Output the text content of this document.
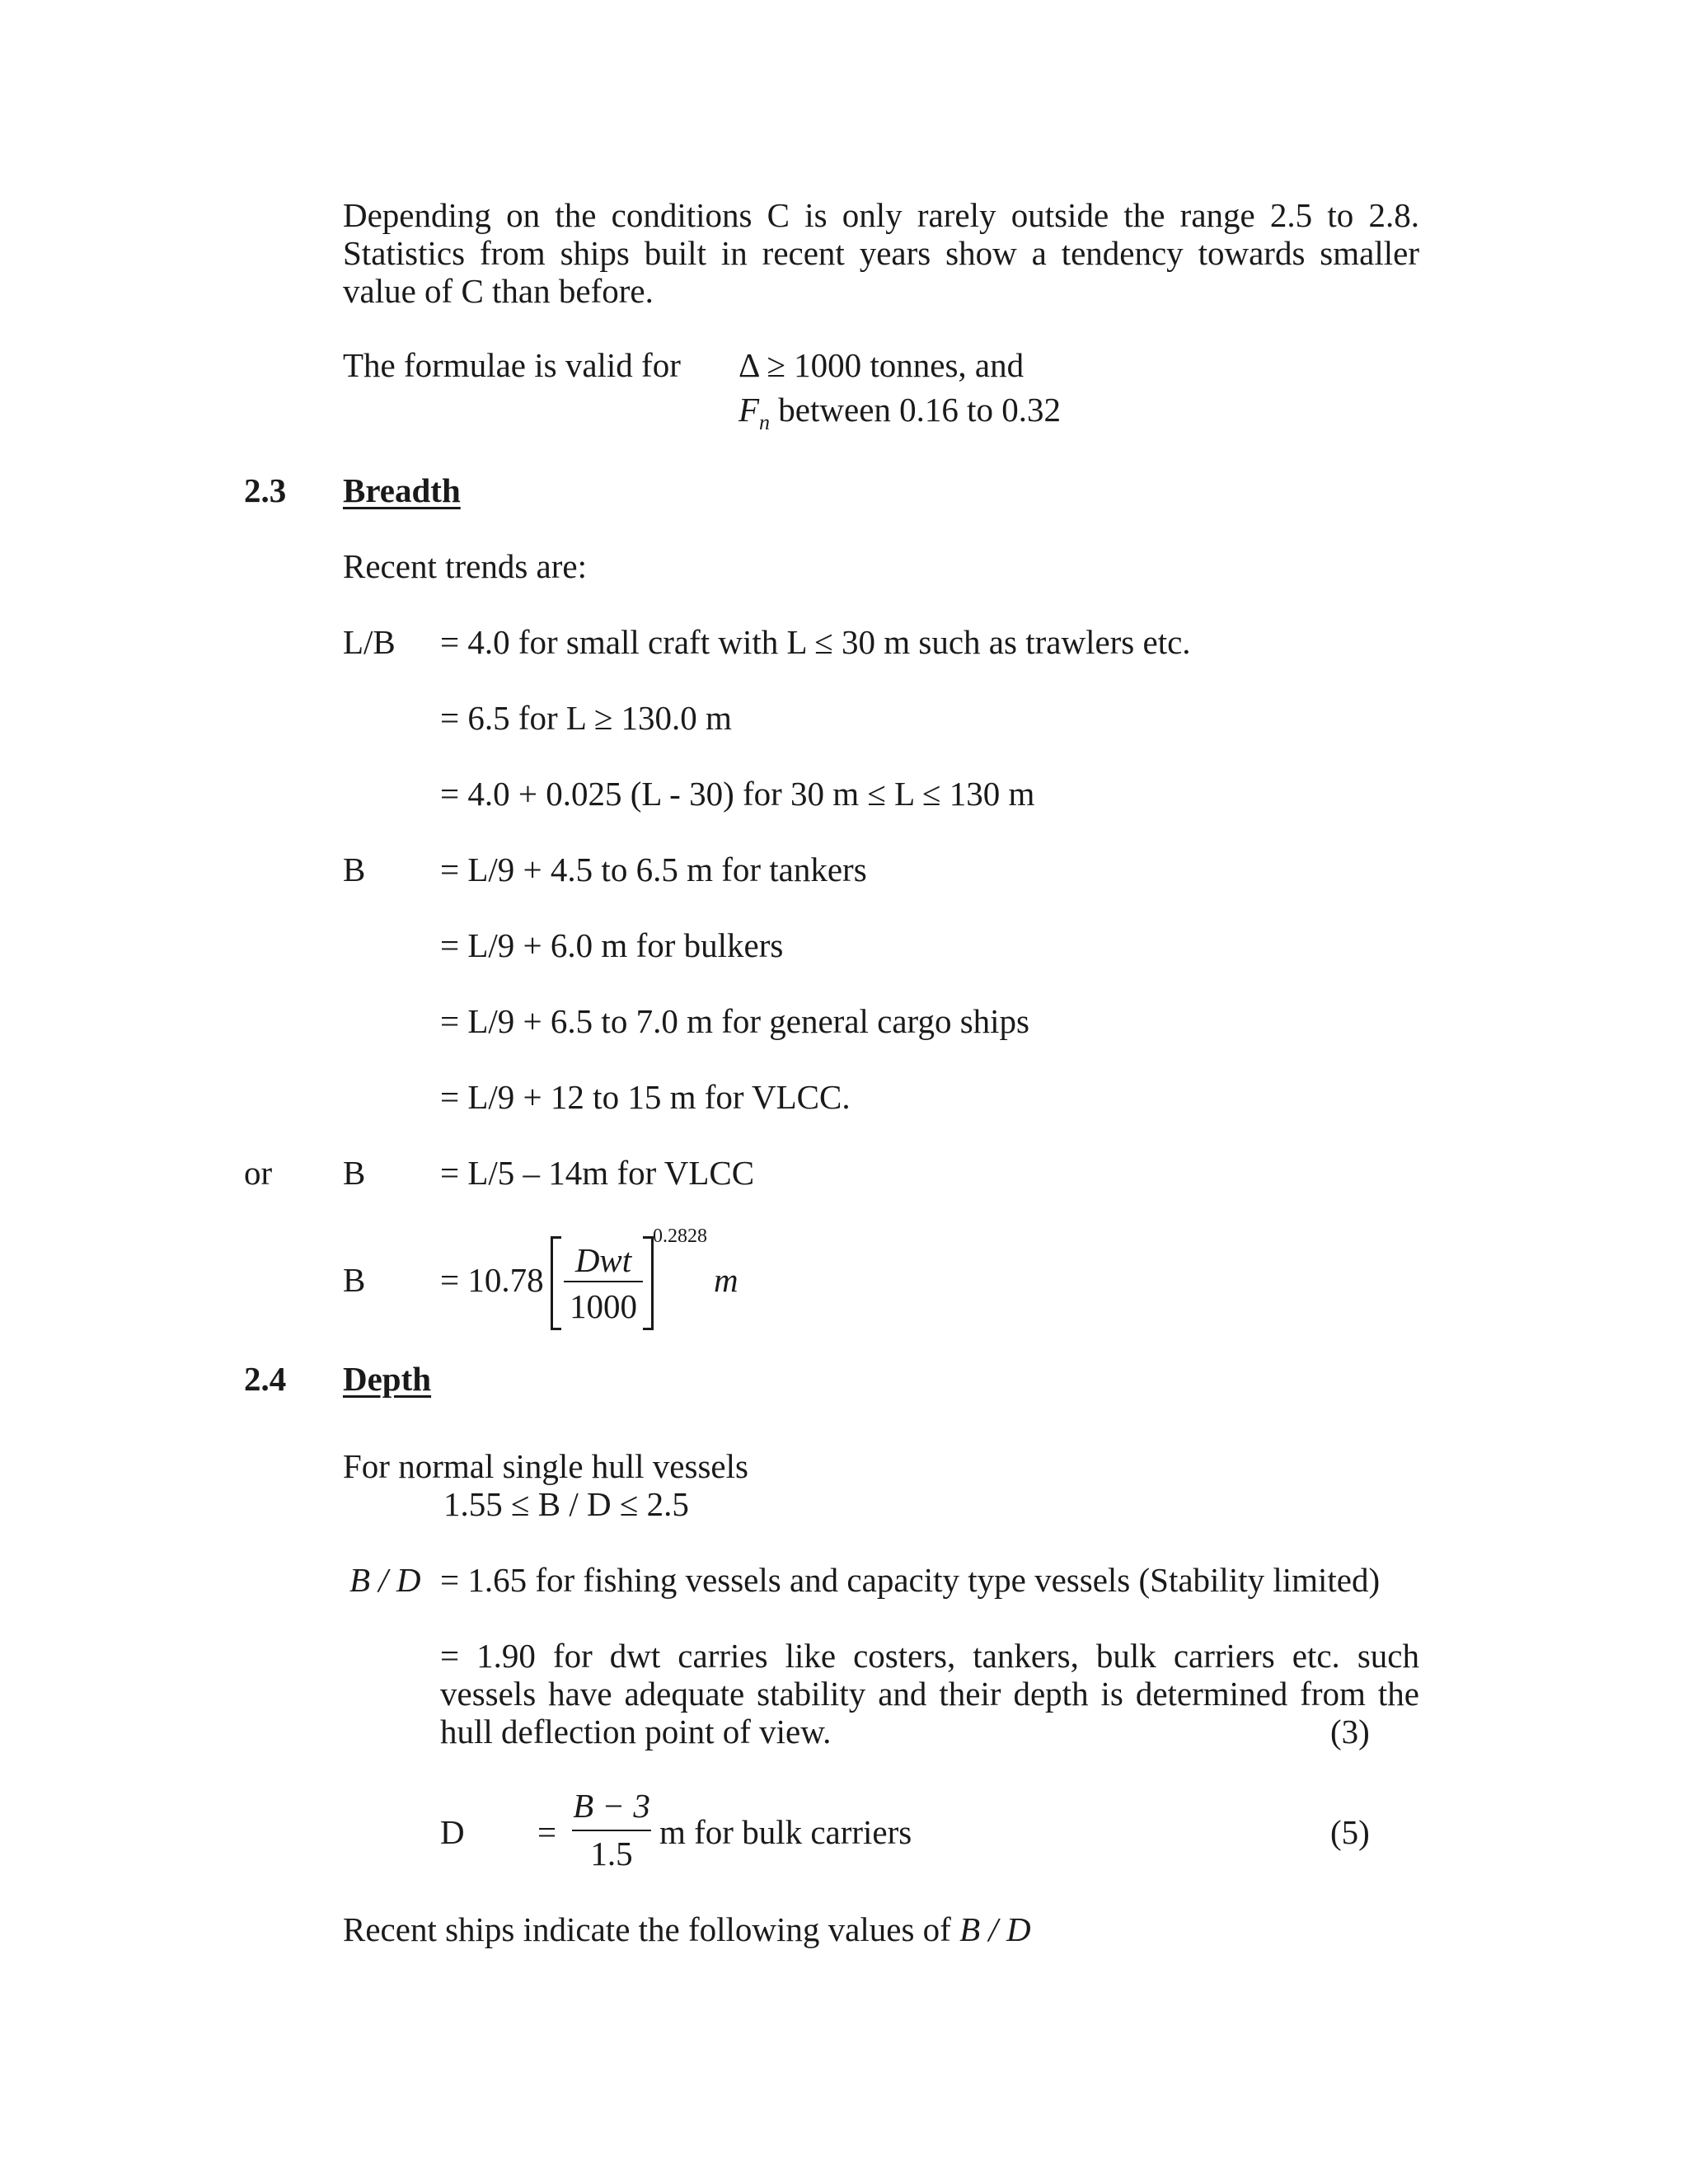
Depending on the conditions C is only rarely outside the range 2.5 to 2.8. Statistics from ships built in recent years show a tendency towards smaller value of C than before.
The formulae is valid for Δ ≥ 1000 tonnes, and
$F_n$ between 0.16 to 0.32
2.3 Breadth
Recent trends are:
L/B = 4.0 for small craft with L ≤ 30 m such as trawlers etc.
= 6.5 for L ≥ 130.0 m
= 4.0 + 0.025 (L - 30) for 30 m ≤ L ≤ 130 m
B = L/9 + 4.5 to 6.5 m for tankers
= L/9 + 6.0 m for bulkers
= L/9 + 6.5 to 7.0 m for general cargo ships
= L/9 + 12 to 15 m for VLCC.
or B = L/5 – 14m for VLCC
B = 10.78
Dwt
1000
0.2828
m
2.4 Depth
For normal single hull vessels
1.55 ≤ B / D ≤ 2.5
B / D = 1.65 for fishing vessels and capacity type vessels (Stability limited)
= 1.90 for dwt carries like costers, tankers, bulk carriers etc. such vessels have adequate stability and their depth is determined from the hull deflection point of view.	(3)
D =
B − 3
1.5
m for bulk carriers	(5)
Recent ships indicate the following values of B / D
